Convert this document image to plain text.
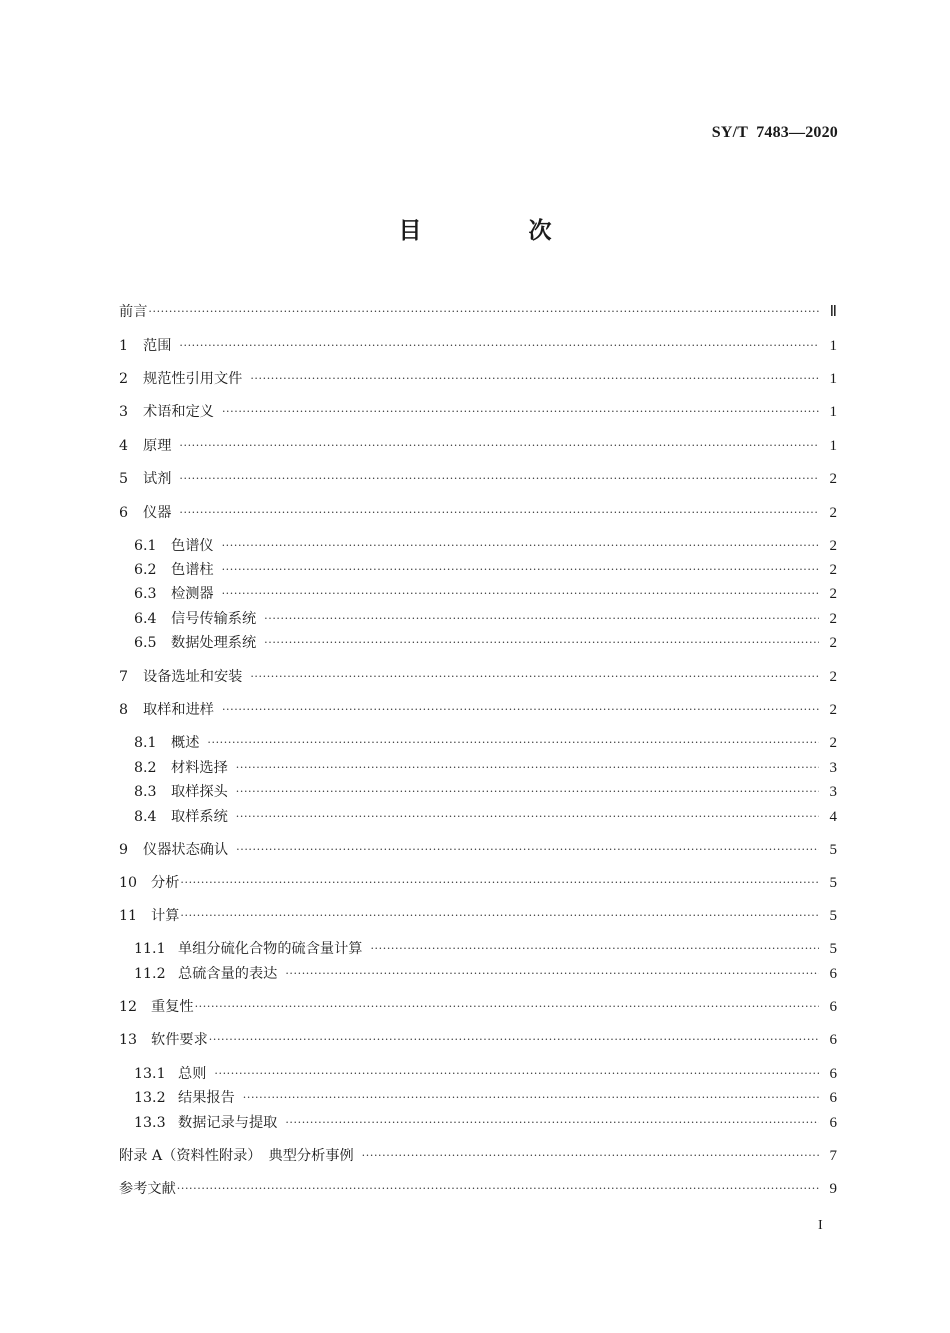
SY/T  7483—2020
目　次
前言 ·····	Ⅱ
1 范围 ·····	1
2 规范性引用文件 ·····	1
3 术语和定义 ·····	1
4 原理 ·····	1
5 试剂 ·····	2
6 仪器 ·····	2
6.1 色谱仪 ·····	2
6.2 色谱柱 ·····	2
6.3 检测器 ·····	2
6.4 信号传输系统 ·····	2
6.5 数据处理系统 ·····	2
7 设备选址和安装 ·····	2
8 取样和进样 ·····	2
8.1 概述 ·····	2
8.2 材料选择 ·····	3
8.3 取样探头 ·····	3
8.4 取样系统 ·····	4
9 仪器状态确认 ·····	5
10 分析 ·····	5
11 计算 ·····	5
11.1 单组分硫化合物的硫含量计算 ·····	5
11.2 总硫含量的表达 ·····	6
12 重复性 ·····	6
13 软件要求 ·····	6
13.1 总则 ·····	6
13.2 结果报告 ·····	6
13.3 数据记录与提取 ·····	6
附录 A（资料性附录）　典型分析事例 ·····	7
参考文献 ·····	9
I
